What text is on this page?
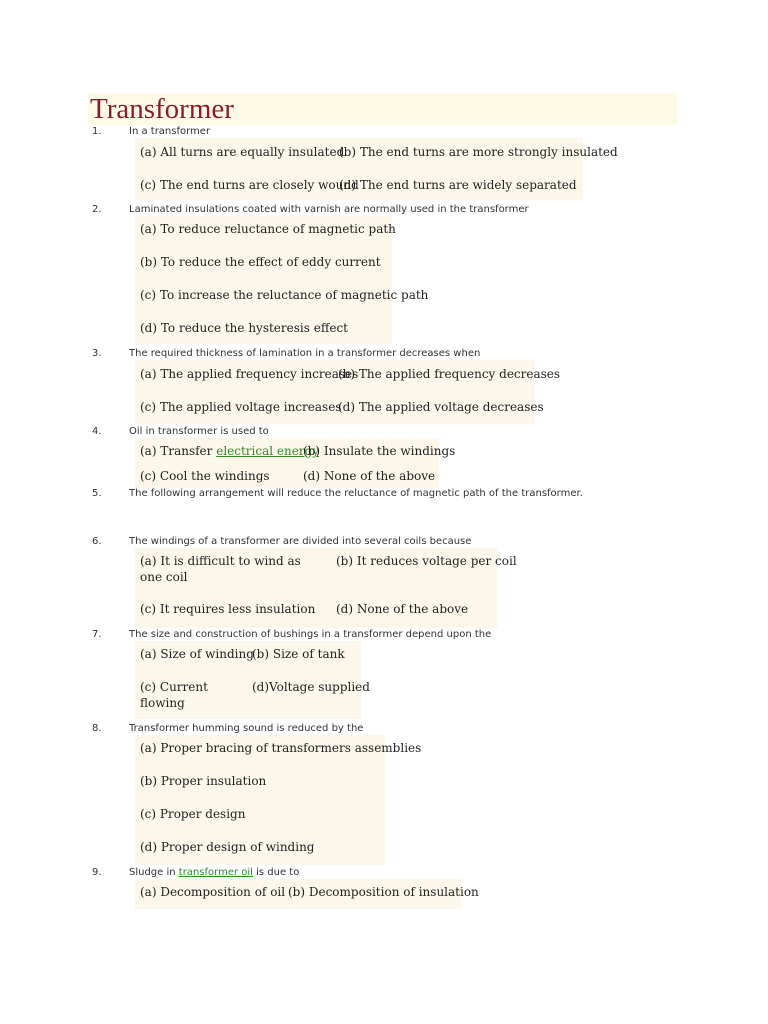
Transformer
1.	In a transformer
(a) All turns are equally insulated
(b) The end turns are more strongly insulated
(c) The end turns are closely wound
(d) The end turns are widely separated
2.	Laminated insulations coated with varnish are normally used in the transformer
(a) To reduce reluctance of magnetic path
(b) To reduce the effect of eddy current
(c) To increase the reluctance of magnetic path
(d) To reduce the hysteresis effect
3.	The required thickness of lamination in a transformer decreases when
(a) The applied frequency increases
(b) The applied frequency decreases
(c) The applied voltage increases
(d) The applied voltage decreases
4.	Oil in transformer is used to
(a) Transfer electrical energy
(b) Insulate the windings
(c) Cool the windings	(d) None of the above
5.	The following arrangement will reduce the reluctance of magnetic path of the transformer.
6.	The windings of a transformer are divided into several coils because
(a) It is difficult to wind as one coil
(b) It reduces voltage per coil
(c) It requires less insulation (d) None of the above
7.	The size and construction of bushings in a transformer depend upon the
(a) Size of winding
(b) Size of tank
(c) Current flowing
(d)Voltage supplied
8.	Transformer humming sound is reduced by the
(a) Proper bracing of transformers assemblies
(b) Proper insulation
(c) Proper design
(d) Proper design of winding
9.	Sludge in transformer oil is due to
(a) Decomposition of oil (b) Decomposition of insulation
